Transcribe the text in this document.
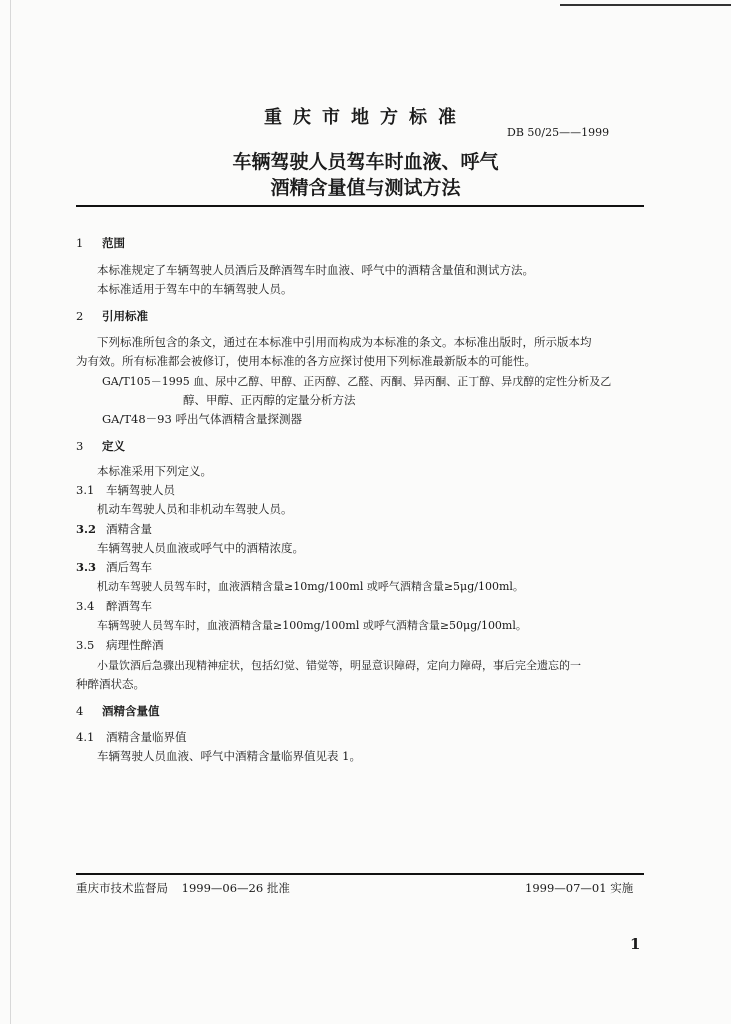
重庆市地方标准
DB 50/25——1999
车辆驾驶人员驾车时血液、呼气
酒精含量值与测试方法
1 范围
本标准规定了车辆驾驶人员酒后及醉酒驾车时血液、呼气中的酒精含量值和测试方法。
本标准适用于驾车中的车辆驾驶人员。
2 引用标准
下列标准所包含的条文，通过在本标准中引用而构成为本标准的条文。本标准出版时，所示版本均
为有效。所有标准都会被修订，使用本标准的各方应探讨使用下列标准最新版本的可能性。
GA/T105－1995 血、尿中乙醇、甲醇、正丙醇、乙醛、丙酮、异丙酮、正丁醇、异戊醇的定性分析及乙
醇、甲醇、正丙醇的定量分析方法
GA/T48－93 呼出气体酒精含量探测器
3 定义
本标准采用下列定义。
3.1 车辆驾驶人员
机动车驾驶人员和非机动车驾驶人员。
3.2 酒精含量
车辆驾驶人员血液或呼气中的酒精浓度。
3.3 酒后驾车
机动车驾驶人员驾车时，血液酒精含量≥10mg/100ml 或呼气酒精含量≥5μg/100ml。
3.4 醉酒驾车
车辆驾驶人员驾车时，血液酒精含量≥100mg/100ml 或呼气酒精含量≥50μg/100ml。
3.5 病理性醉酒
小量饮酒后急骤出现精神症状，包括幻觉、错觉等，明显意识障碍，定向力障碍，事后完全遗忘的一
种醉酒状态。
4 酒精含量值
4.1 酒精含量临界值
车辆驾驶人员血液、呼气中酒精含量临界值见表 1。
重庆市技术监督局 1999—06—26 批准	1999—07—01 实施
1
